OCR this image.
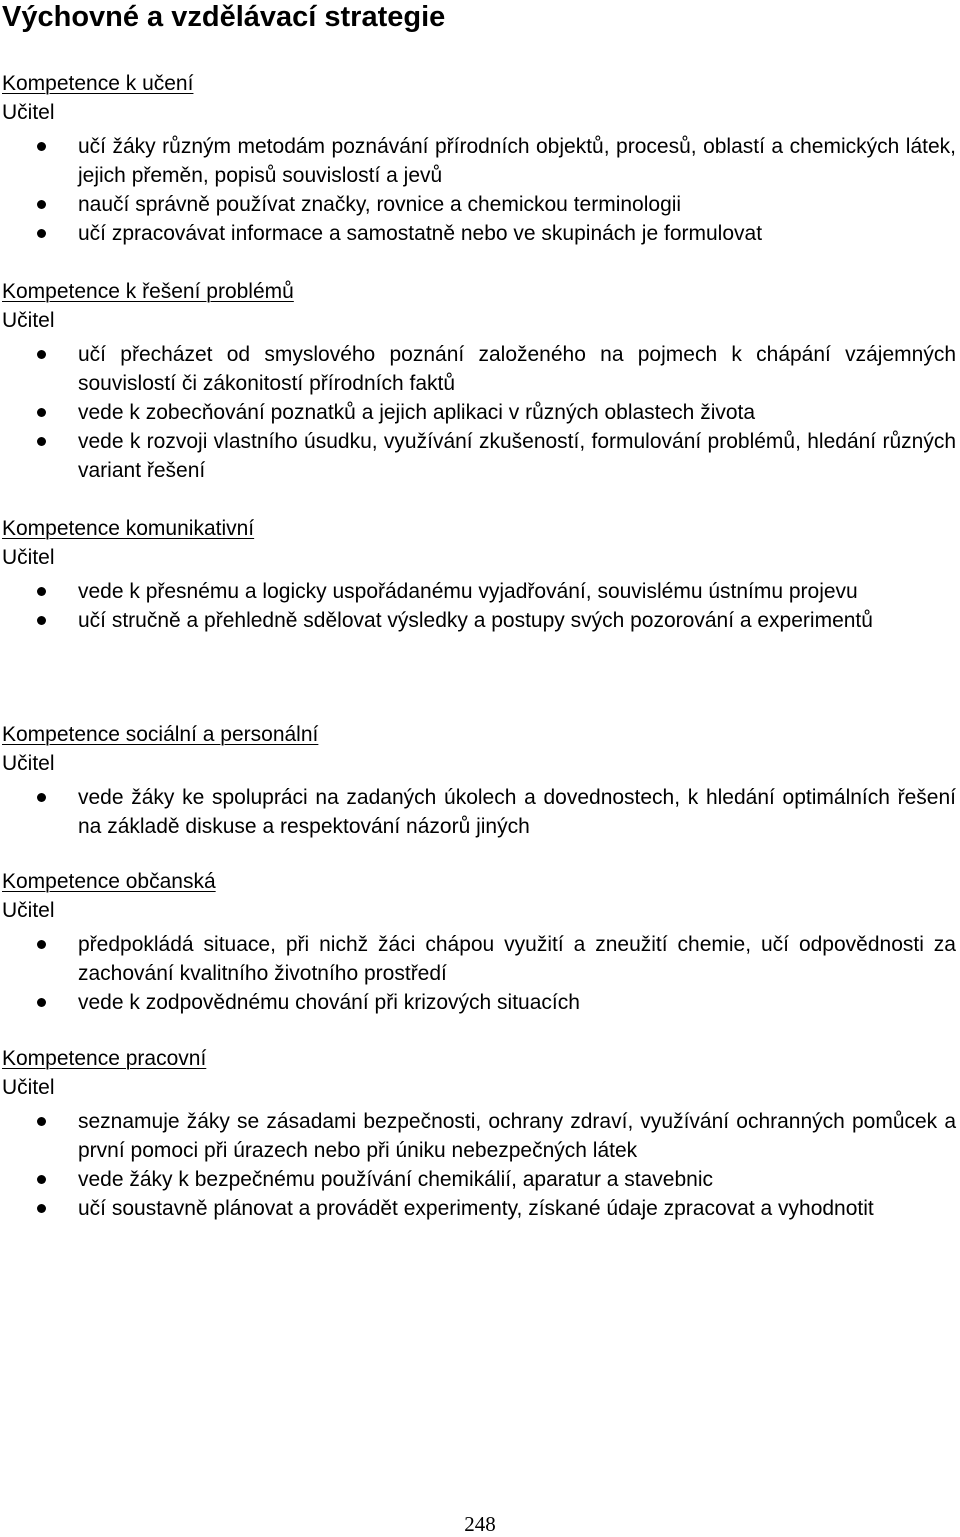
Výchovné a vzdělávací strategie
Kompetence k učení
Učitel
učí žáky různým metodám poznávání přírodních objektů, procesů, oblastí a chemických látek, jejich přeměn, popisů souvislostí a jevů
naučí správně používat značky, rovnice a chemickou terminologii
učí zpracovávat informace a samostatně nebo ve skupinách je formulovat
Kompetence k řešení problémů
Učitel
učí přecházet od smyslového poznání založeného na pojmech k chápání vzájemných souvislostí či zákonitostí přírodních faktů
vede k zobecňování poznatků a jejich aplikaci v různých oblastech života
vede k rozvoji vlastního úsudku, využívání zkušeností, formulování problémů, hledání různých variant řešení
Kompetence komunikativní
Učitel
vede k přesnému a logicky uspořádanému vyjadřování, souvislému ústnímu projevu
učí stručně a přehledně sdělovat výsledky a postupy svých pozorování a experimentů
Kompetence sociální a personální
Učitel
vede žáky ke spolupráci na zadaných úkolech a dovednostech, k hledání optimálních řešení na základě diskuse a respektování názorů jiných
Kompetence občanská
Učitel
předpokládá situace, při nichž žáci chápou využití a zneužití chemie, učí odpovědnosti za zachování kvalitního životního prostředí
vede k zodpovědnému chování při krizových situacích
Kompetence pracovní
Učitel
seznamuje žáky se zásadami bezpečnosti, ochrany zdraví, využívání ochranných pomůcek a první pomoci při úrazech nebo při úniku nebezpečných látek
vede žáky k bezpečnému používání chemikálií, aparatur a stavebnic
učí soustavně plánovat a provádět experimenty, získané údaje zpracovat a vyhodnotit
248
